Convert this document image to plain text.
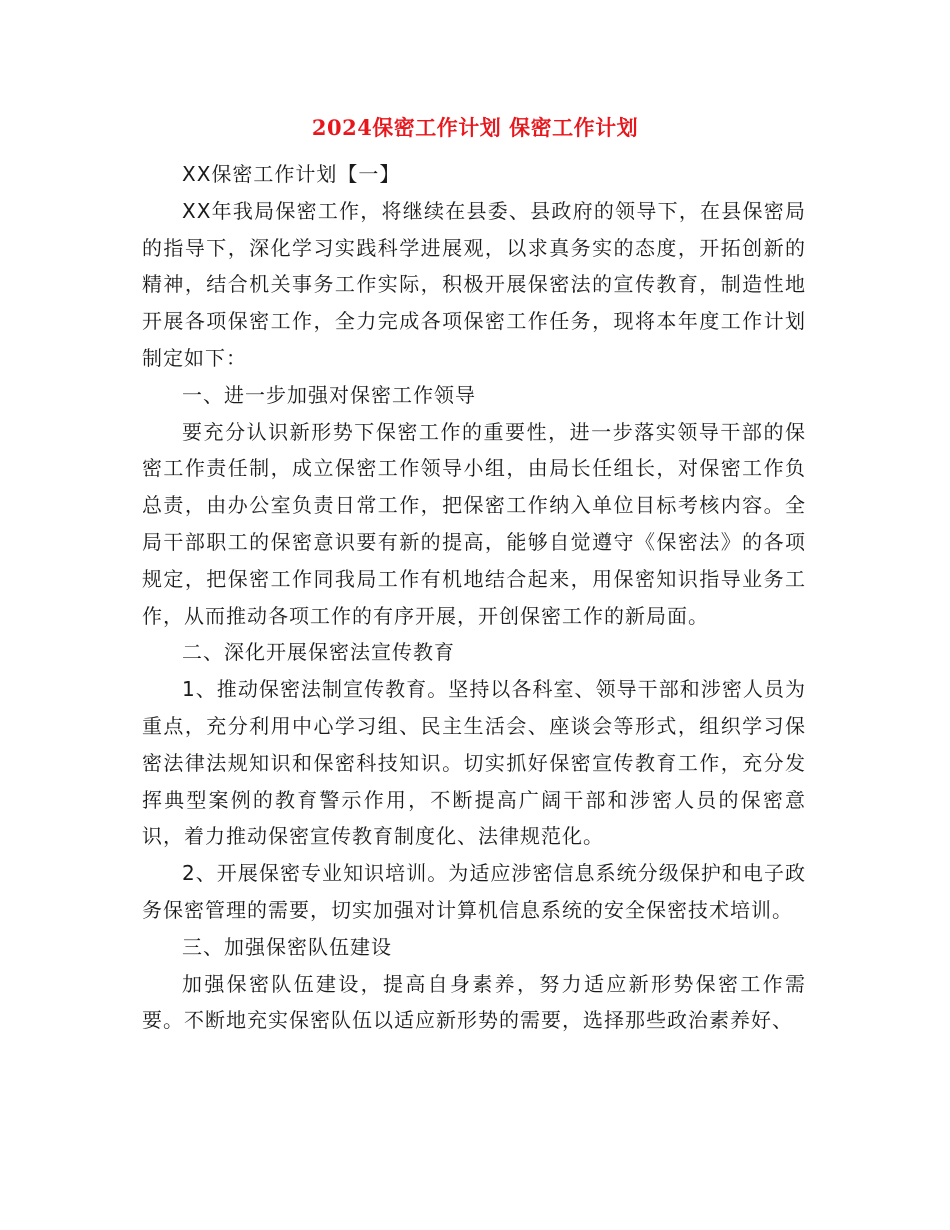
2024保密工作计划 保密工作计划

XX保密工作计划【一】

XX年我局保密工作，将继续在县委、县政府的领导下，在县保密局的指导下，深化学习实践科学进展观，以求真务实的态度，开拓创新的精神，结合机关事务工作实际，积极开展保密法的宣传教育，制造性地开展各项保密工作，全力完成各项保密工作任务，现将本年度工作计划制定如下：

一、进一步加强对保密工作领导

要充分认识新形势下保密工作的重要性，进一步落实领导干部的保密工作责任制，成立保密工作领导小组，由局长任组长，对保密工作负总责，由办公室负责日常工作，把保密工作纳入单位目标考核内容。全局干部职工的保密意识要有新的提高，能够自觉遵守《保密法》的各项规定，把保密工作同我局工作有机地结合起来，用保密知识指导业务工作，从而推动各项工作的有序开展，开创保密工作的新局面。

二、深化开展保密法宣传教育

1、推动保密法制宣传教育。坚持以各科室、领导干部和涉密人员为重点，充分利用中心学习组、民主生活会、座谈会等形式，组织学习保密法律法规知识和保密科技知识。切实抓好保密宣传教育工作，充分发挥典型案例的教育警示作用，不断提高广阔干部和涉密人员的保密意识，着力推动保密宣传教育制度化、法律规范化。

2、开展保密专业知识培训。为适应涉密信息系统分级保护和电子政务保密管理的需要，切实加强对计算机信息系统的安全保密技术培训。

三、加强保密队伍建设

加强保密队伍建设，提高自身素养，努力适应新形势保密工作需要。不断地充实保密队伍以适应新形势的需要，选择那些政治素养好、
